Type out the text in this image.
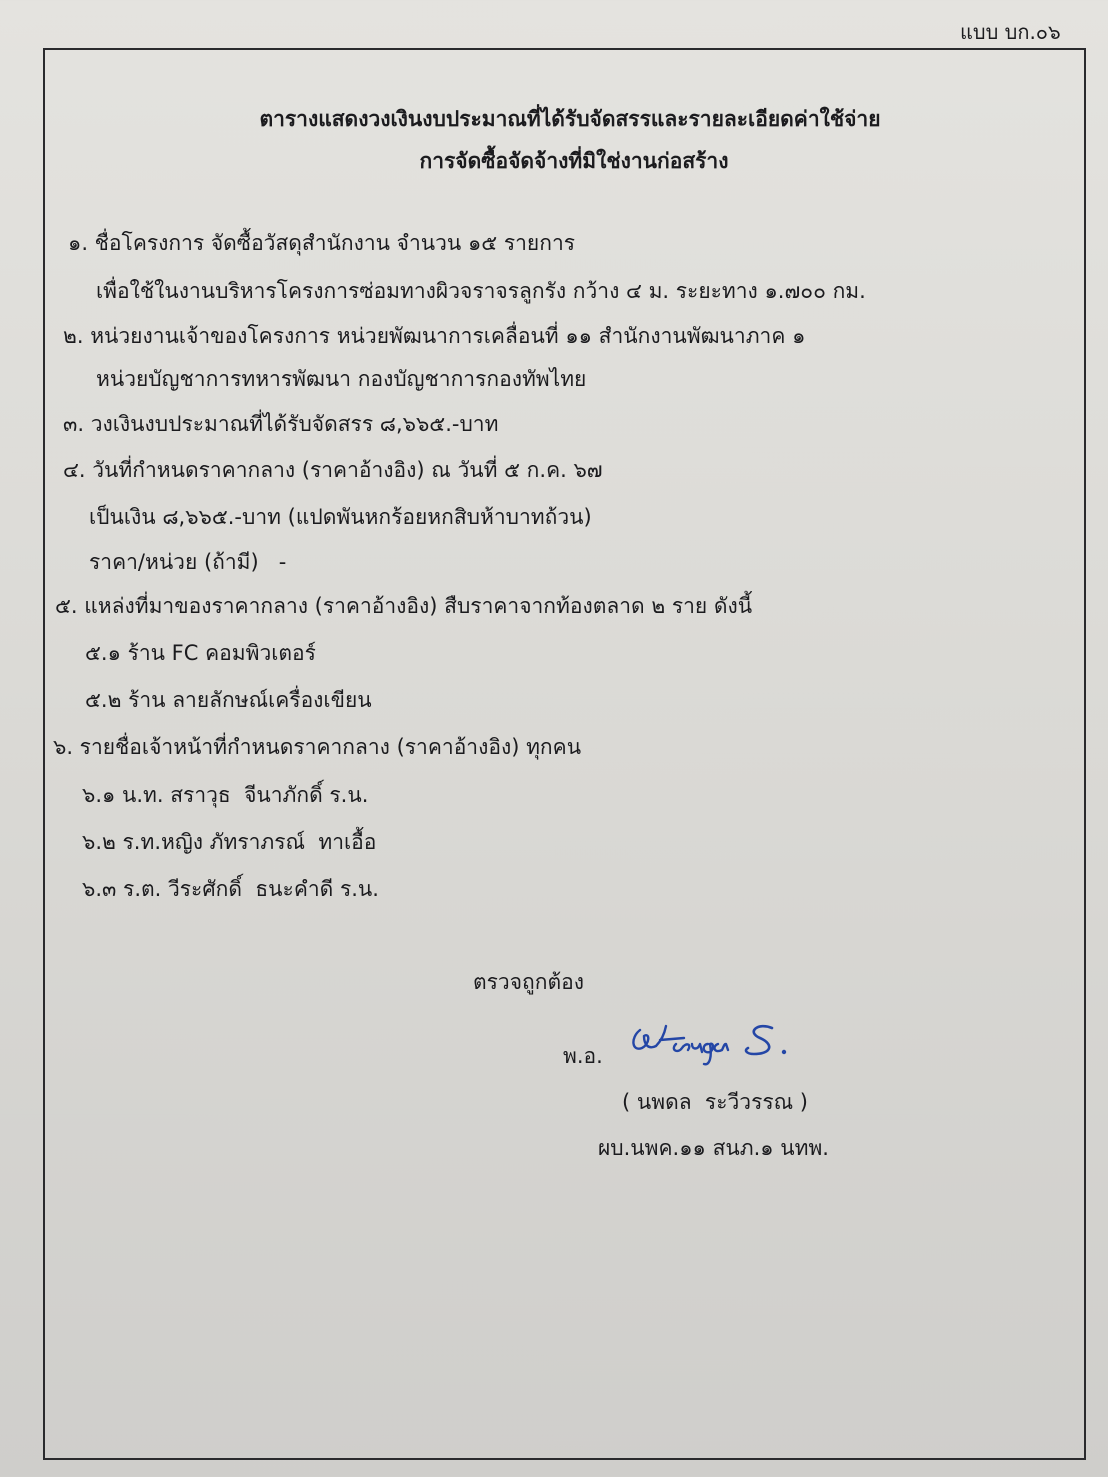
แบบ บก.๐๖
ตารางแสดงวงเงินงบประมาณที่ได้รับจัดสรรและรายละเอียดค่าใช้จ่าย
การจัดซื้อจัดจ้างที่มิใช่งานก่อสร้าง
๑. ชื่อโครงการ จัดซื้อวัสดุสำนักงาน จำนวน ๑๕ รายการ
เพื่อใช้ในงานบริหารโครงการซ่อมทางผิวจราจรลูกรัง กว้าง ๔ ม. ระยะทาง ๑.๗๐๐ กม.
๒. หน่วยงานเจ้าของโครงการ หน่วยพัฒนาการเคลื่อนที่ ๑๑ สำนักงานพัฒนาภาค ๑
หน่วยบัญชาการทหารพัฒนา กองบัญชาการกองทัพไทย
๓. วงเงินงบประมาณที่ได้รับจัดสรร ๘,๖๖๕.-บาท
๔. วันที่กำหนดราคากลาง (ราคาอ้างอิง) ณ วันที่ ๕ ก.ค. ๖๗
เป็นเงิน ๘,๖๖๕.-บาท (แปดพันหกร้อยหกสิบห้าบาทถ้วน)
ราคา/หน่วย (ถ้ามี)   -
๕. แหล่งที่มาของราคากลาง (ราคาอ้างอิง) สืบราคาจากท้องตลาด ๒ ราย ดังนี้
๕.๑ ร้าน FC คอมพิวเตอร์
๕.๒ ร้าน ลายลักษณ์เครื่องเขียน
๖. รายชื่อเจ้าหน้าที่กำหนดราคากลาง (ราคาอ้างอิง) ทุกคน
๖.๑ น.ท. สราวุธ  จีนาภักดิ์ ร.น.
๖.๒ ร.ท.หญิง ภัทราภรณ์  ทาเอื้อ
๖.๓ ร.ต. วีระศักดิ์  ธนะคำดี ร.น.
ตรวจถูกต้อง
พ.อ.
( นพดล  ระวีวรรณ )
ผบ.นพค.๑๑ สนภ.๑ นทพ.
